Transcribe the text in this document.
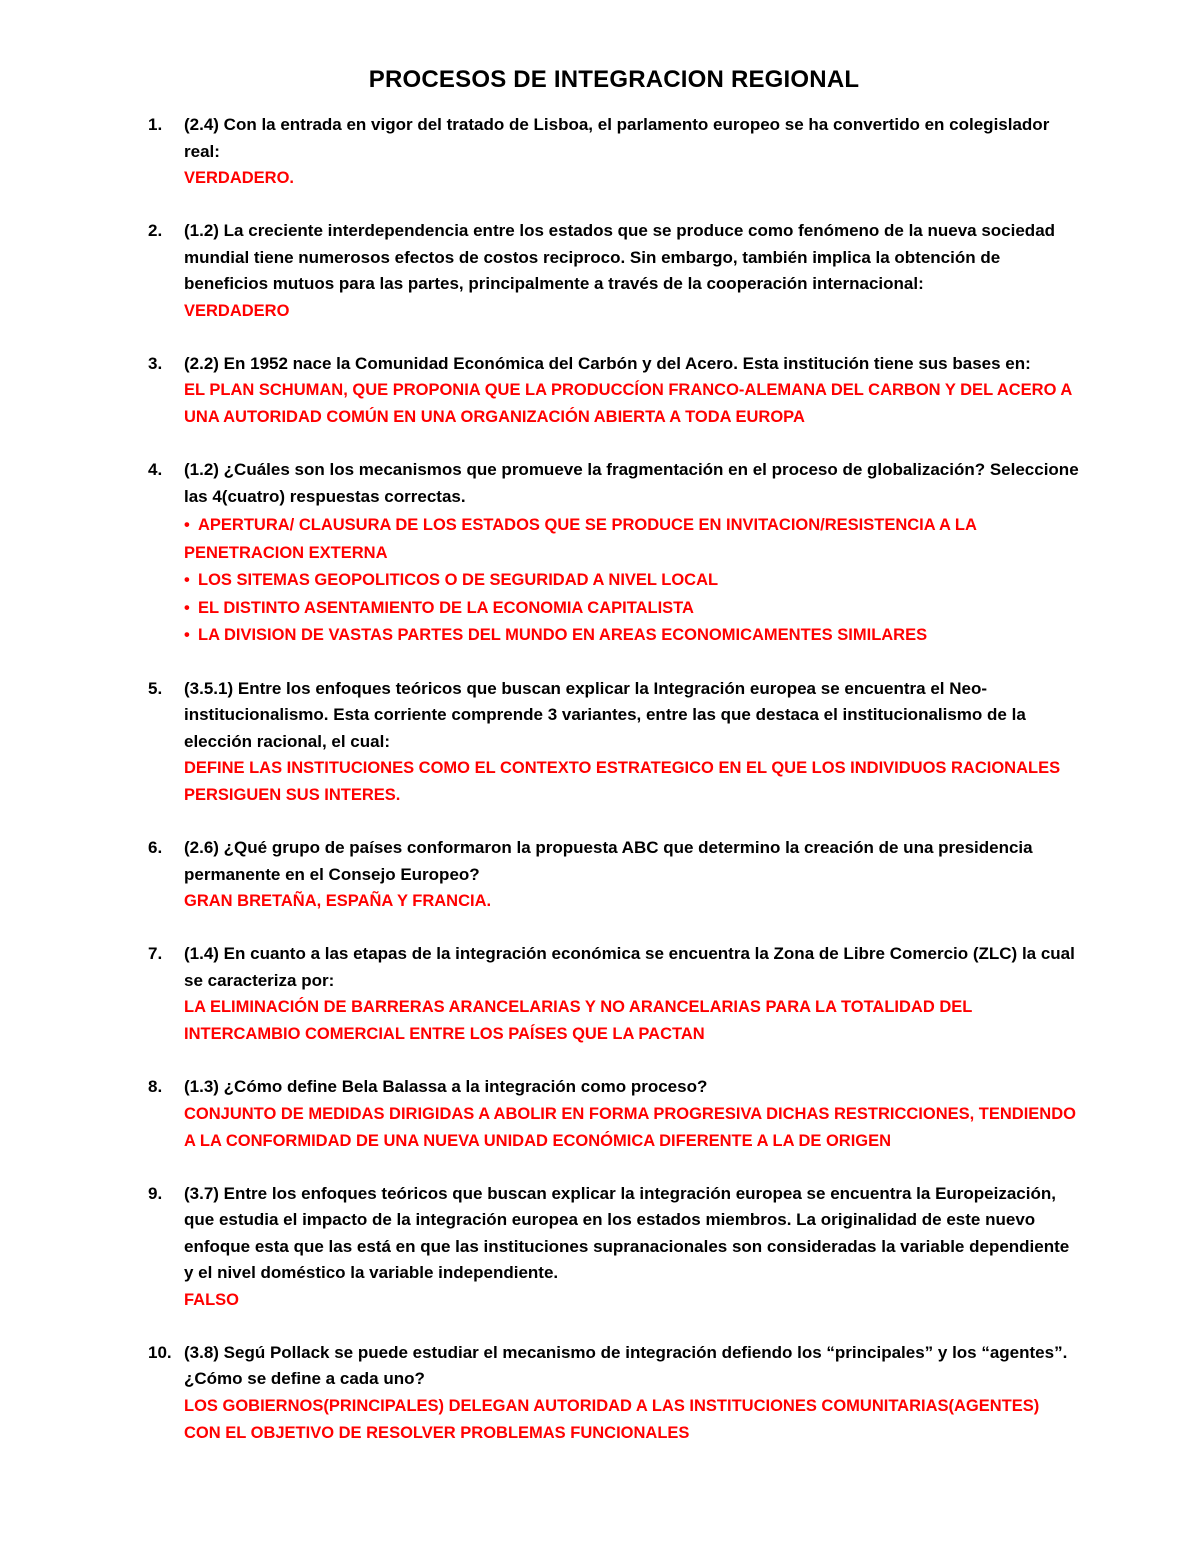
PROCESOS DE INTEGRACION REGIONAL
1. (2.4) Con la entrada en vigor del tratado de Lisboa, el parlamento europeo se ha convertido en colegislador real:
VERDADERO.
2. (1.2) La creciente interdependencia entre los estados que se produce como fenómeno de la nueva sociedad mundial tiene numerosos efectos de costos reciproco. Sin embargo, también implica la obtención de beneficios mutuos para las partes, principalmente a través de la cooperación internacional:
VERDADERO
3. (2.2) En 1952 nace la Comunidad Económica del Carbón y del Acero. Esta institución tiene sus bases en:
EL PLAN SCHUMAN, QUE PROPONIA QUE LA PRODUCCÍON FRANCO-ALEMANA DEL CARBON Y DEL ACERO A UNA AUTORIDAD COMÚN EN UNA ORGANIZACIÓN ABIERTA A TODA EUROPA
4. (1.2) ¿Cuáles son los mecanismos que promueve la fragmentación en el proceso de globalización? Seleccione las 4(cuatro) respuestas correctas.
• APERTURA/ CLAUSURA DE LOS ESTADOS QUE SE PRODUCE EN INVITACION/RESISTENCIA A LA PENETRACION EXTERNA
• LOS SITEMAS GEOPOLITICOS O DE SEGURIDAD A NIVEL LOCAL
• EL DISTINTO ASENTAMIENTO DE LA ECONOMIA CAPITALISTA
• LA DIVISION DE VASTAS PARTES DEL MUNDO EN AREAS ECONOMICAMENTES SIMILARES
5. (3.5.1) Entre los enfoques teóricos que buscan explicar la Integración europea se encuentra el Neo-institucionalismo. Esta corriente comprende 3 variantes, entre las que destaca el institucionalismo de la elección racional, el cual:
DEFINE LAS INSTITUCIONES COMO EL CONTEXTO ESTRATEGICO EN EL QUE LOS INDIVIDUOS RACIONALES PERSIGUEN SUS INTERES.
6. (2.6) ¿Qué grupo de países conformaron la propuesta ABC que determino la creación de una presidencia permanente en el Consejo Europeo?
GRAN BRETAÑA, ESPAÑA Y FRANCIA.
7. (1.4) En cuanto a las etapas de la integración económica se encuentra la Zona de Libre Comercio (ZLC) la cual se caracteriza por:
LA ELIMINACIÓN DE BARRERAS ARANCELARIAS Y NO ARANCELARIAS PARA LA TOTALIDAD DEL INTERCAMBIO COMERCIAL ENTRE LOS PAÍSES QUE LA PACTAN
8. (1.3) ¿Cómo define Bela Balassa a la integración como proceso?
CONJUNTO DE MEDIDAS DIRIGIDAS A ABOLIR EN FORMA PROGRESIVA DICHAS RESTRICCIONES, TENDIENDO A LA CONFORMIDAD DE UNA NUEVA UNIDAD ECONÓMICA DIFERENTE A LA DE ORIGEN
9. (3.7) Entre los enfoques teóricos que buscan explicar la integración europea se encuentra la Europeización, que estudia el impacto de la integración europea en los estados miembros. La originalidad de este nuevo enfoque esta que las está en que las instituciones supranacionales son consideradas la variable dependiente y el nivel doméstico la variable independiente.
FALSO
10. (3.8) Segú Pollack se puede estudiar el mecanismo de integración defiendo los “principales” y los “agentes”. ¿Cómo se define a cada uno?
LOS GOBIERNOS(PRINCIPALES) DELEGAN AUTORIDAD A LAS INSTITUCIONES COMUNITARIAS(AGENTES) CON EL OBJETIVO DE RESOLVER PROBLEMAS FUNCIONALES
